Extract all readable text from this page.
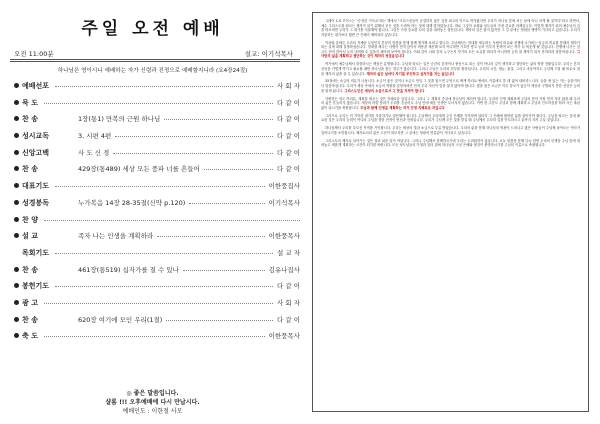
주일 오전 예배
오전 11:00분	설교: 이기석목사
하나님은 영이시니 예배하는 자가 신령과 진정으로 예배할지니라 (요4장24절)
예배선포	사 회 자
묵 도	다 같 이
찬 송	1장(통1) 만복의 근원 하나님	다 같 이
성시교독	3. 시편 4편	다 같 이
신앙고백	사 도 신 경	다 같 이
찬 송	429장(통489) 세상 모든 풍파 너를 흔들어	다 같 이
대표기도	이한풍집사
성경봉독	누가복음 14장 28-35절(신약 p.120)	이기석목사
찬 양
설 교	족자 나는 인생을 계획하라	이한풍목사
목회기도	설 교 자
찬 송	461장(통519) 십자가를 질 수 있나	김유나집사
봉헌기도	다 같 이
광 고	사 회 자
찬 송	620장 여기에 모인 우리(1절)	다 같 이
축 도	이한풍목사
◎ 좋은 말씀입니다.
샬롬 !!! 오후예배에 다시 만납시다.
예배인도 : 이한철 사모

그레이 C.S 루이스는 "순전한 기독교"라는 책에서 "크리스천들이 순결하지 않은 것을 최고의 약으로 여겨왔지만 우리가 하나님 앞에 서는 날에 아니 서게 될 것이다"라고 하면서, 예수 그리스도를 따르는 제자가 되기 위해서 모든 것을 드려야 하는 것에 대해 말하였습니다. 바로 그것이 교회와 성도들의 가장 중요한 과제입니다. 이렇게 제자가 되어 예수님의 길을 따르려면 우리가 그 대가를 지불해야 합니다. 그것은 가장 중요한 나의 것을 내려놓는 결단입니다. 제자의 길은 쉽지 않지만 그 길 끝에는 영원한 생명이 기다리고 있습니다. 우리가 지불하는 대가보다 훨씬 큰 은혜가 예비되어 있습니다.

이처럼 올바른 우리의 자세란 무엇인지 본문의 말씀을 통해 함께 생각해 보려고 합니다. 주님께서는 망대를 세우려는 사람의 비유와 전쟁에 나가려는 임금의 비유를 통해서 제자가 되는 길에 대해 설명하셨습니다. 망대를 세우는 사람이 먼저 앉아서 비용을 계산해 보지 아니하면 기초만 쌓고 능히 이루지 못하여 보는 자가 다 비웃게 될 것입니다. 전쟁에 나가는 임금도 먼저 앉아서 능히 대적할 수 있을지 헤아려 보아야 합니다. 이와 같이 너희 중의 누구든지 자기의 모든 소유를 버리지 아니하면 능히 내 제자가 되지 못하리라 말씀하십니다. 그 사람의 삶을 계획하고 결단하는 것이 제자의 첫걸음입니다

여기에서 예수님께서 말씀하시는 핵심은 분명합니다. 주님을 따르는 일은 순간의 감정이나 충동으로 되는 것이 아니라 깊이 생각하고 결단하는 삶의 방향 전환입니다. 우리는 흔히 신앙을 가볍게 여기고 필요할 때만 하나님을 찾는 경우가 많습니다. 그러나 주님은 우리의 전부를 원하십니다. 우리의 시간, 재능, 물질, 그리고 마음까지도 주님께 드릴 때 비로소 참된 제자의 삶을 살 수 있습니다. 제자의 삶은 날마다 자기를 부인하고 십자가를 지는 삶입니다

35절에는 소금의 비유가 나옵니다. 소금이 좋은 것이나 소금도 만일 그 맛을 잃으면 무엇으로 짜게 하리요 땅에도 거름에도 쓸 데 없어 내버리느니라. 들을 귀 있는 자는 들을지어다 말씀하십니다. 우리가 세상 속에서 소금의 역할을 감당하려면 먼저 우리 자신이 맛을 잃지 않아야 합니다. 맛을 잃은 소금은 아무 쓸모가 없듯이 세상과 구별되지 못한 신앙은 능력을 잃게 됩니다. 그리스도인은 세상의 소금으로서 그 맛을 지켜야 합니다

사랑하는 성도 여러분, 계획을 세우는 것은 지혜로운 일입니다. 그러나 그 계획의 중심에 하나님이 계셔야 합니다. 우리의 인생 계획표에 주님의 뜻이 가장 먼저 자리 잡을 때 우리의 삶은 흔들리지 않습니다. 세상의 어떤 풍파가 우리를 흔들어도 주님 안에 세운 인생은 무너지지 않습니다. 이번 한 주간도 주님과 함께 계획하고 주님의 인도하심을 따라 사는 복된 삶이 되시기를 축원합니다. 주님과 함께 인생을 계획하는 자가 진정 지혜로운 자입니다

그러므로 우리는 이 거룩한 대가를 지불하기로 결단해야 합니다. 주님께서 우리에게 주신 은혜를 기억하며 날마다 그 은혜에 합당한 삶을 살아가야 합니다. 주님을 따르는 길에 필요한 것은 우리의 능력이 아니라 주님을 향한 전적인 헌신과 신뢰입니다. 우리가 주님께 모든 것을 맡길 때 주님께서 우리의 길을 인도하시고 끝까지 지켜 주실 것입니다.

하나님께서 우리를 부르신 목적을 기억합시다. 우리는 세상의 빛과 소금으로 부름 받았습니다. 우리의 삶을 통해 하나님의 영광이 드러나고 많은 사람들이 주님께 돌아오는 역사가 일어나기를 소망합니다. 제자로서의 삶은 고난이 따르지만 그 끝에는 영광의 면류관이 기다리고 있습니다.

그리스도의 제자로 살아가는 것은 결코 쉬운 일이 아닙니다. 그러나 주님께서 함께하시기에 우리는 두려워하지 않습니다. 오늘 말씀을 통해 다시 한번 우리의 인생을 주님 앞에 내려놓고 새롭게 계획하는 시간이 되기를 바랍니다. 모든 성도님들의 가정과 일터 위에 하나님의 크신 은혜와 평강이 충만하시기를 주님의 이름으로 축원합니다.
